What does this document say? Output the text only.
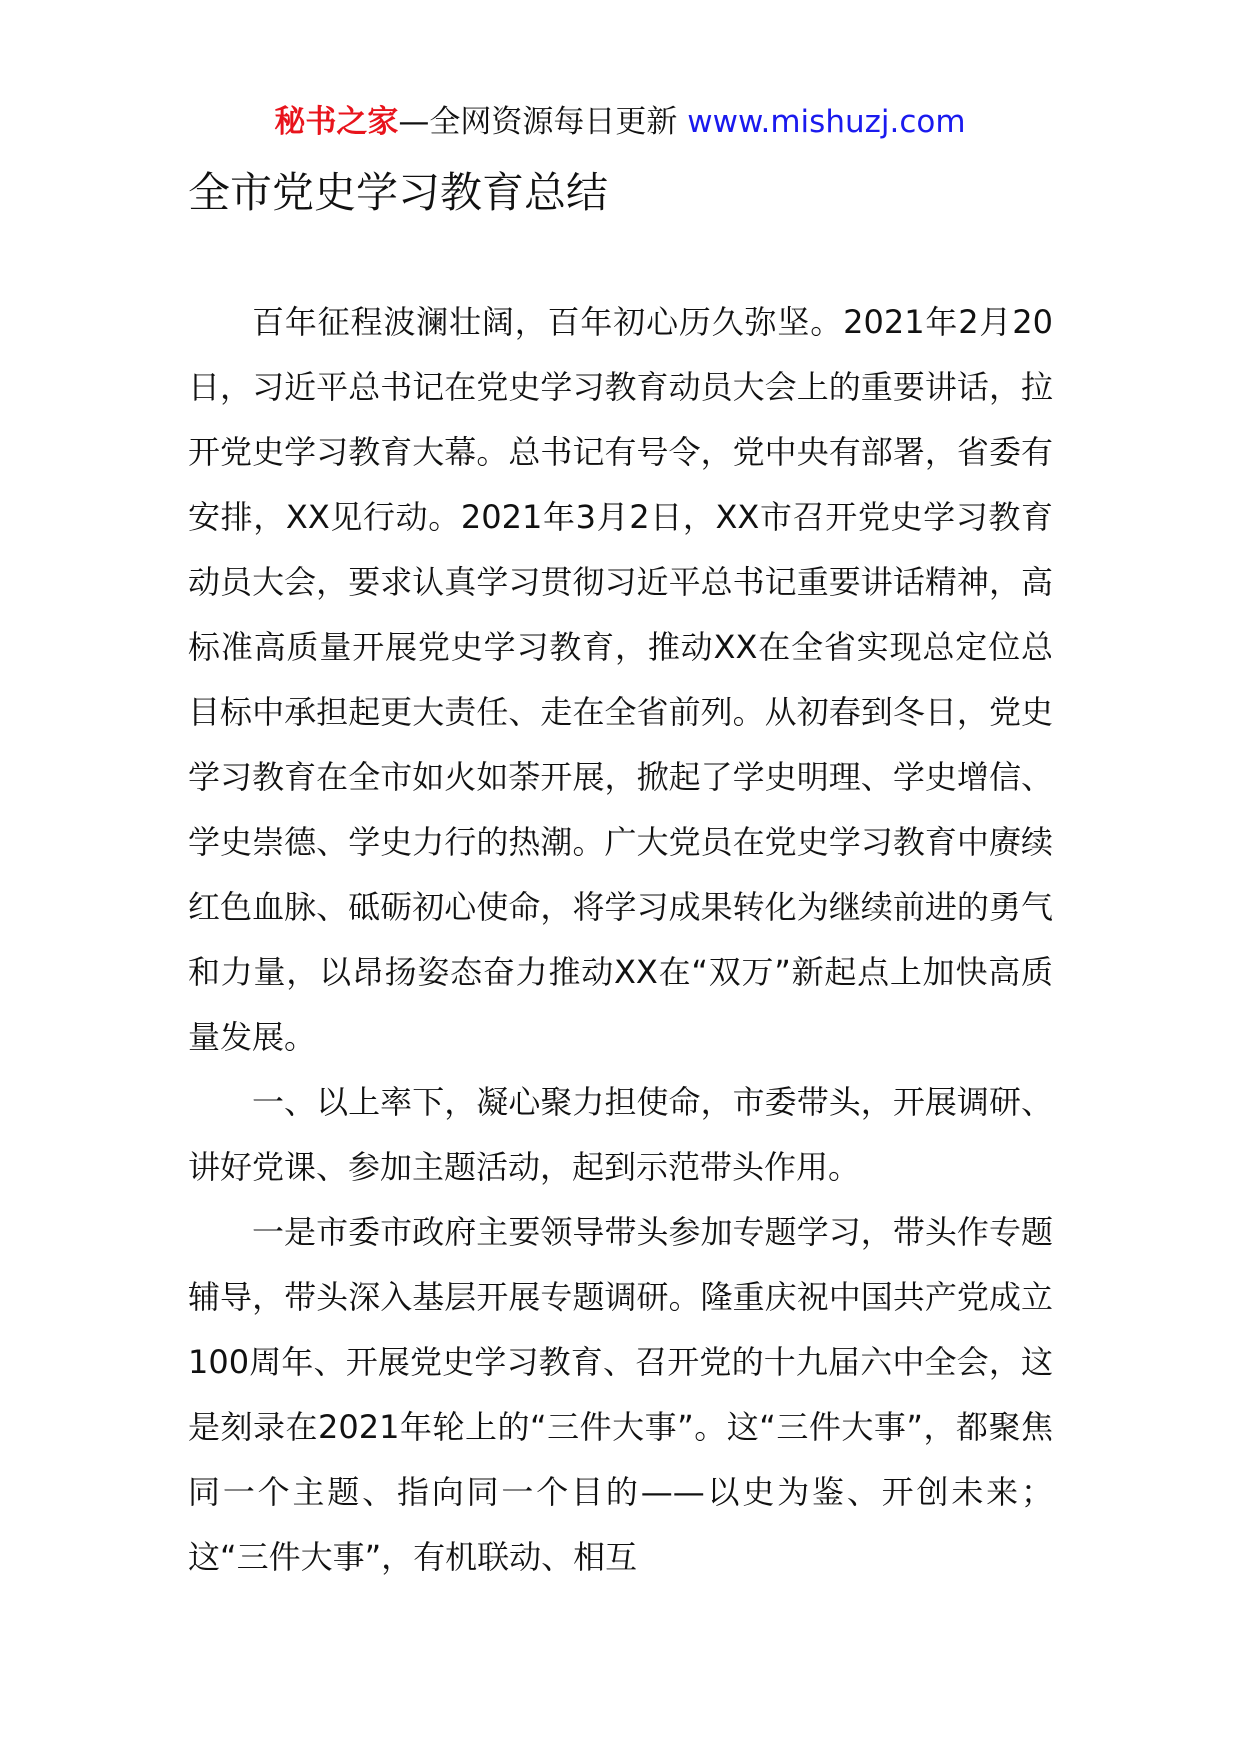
秘书之家—全网资源每日更新 www.mishuzj.com
全市党史学习教育总结

百年征程波澜壮阔，百年初心历久弥坚。2021年2月20日，习近平总书记在党史学习教育动员大会上的重要讲话，拉开党史学习教育大幕。总书记有号令，党中央有部署，省委有安排，XX见行动。2021年3月2日，XX市召开党史学习教育动员大会，要求认真学习贯彻习近平总书记重要讲话精神，高标准高质量开展党史学习教育，推动XX在全省实现总定位总目标中承担起更大责任、走在全省前列。从初春到冬日，党史学习教育在全市如火如荼开展，掀起了学史明理、学史增信、学史崇德、学史力行的热潮。广大党员在党史学习教育中赓续红色血脉、砥砺初心使命，将学习成果转化为继续前进的勇气和力量，以昂扬姿态奋力推动XX在“双万”新起点上加快高质量发展。

一、以上率下，凝心聚力担使命，市委带头，开展调研、讲好党课、参加主题活动，起到示范带头作用。

一是市委市政府主要领导带头参加专题学习，带头作专题辅导，带头深入基层开展专题调研。隆重庆祝中国共产党成立100周年、开展党史学习教育、召开党的十九届六中全会，这是刻录在2021年轮上的“三件大事”。这“三件大事”，都聚焦同一个主题、指向同一个目的——以史为鉴、开创未来；这“三件大事”，有机联动、相互
